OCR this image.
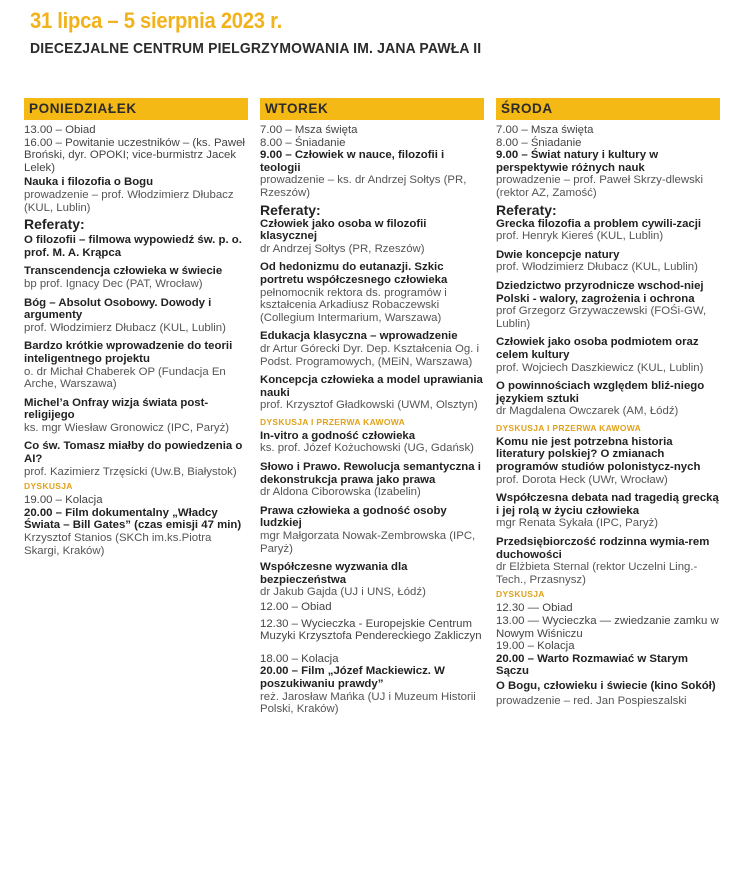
31 lipca – 5 sierpnia 2023 r.
DIECEZJALNE CENTRUM PIELGRZYMOWANIA IM. JANA PAWŁA II
PONIEDZIAŁEK

13.00 – Obiad

16.00 – Powitanie uczestników – (ks. Paweł Broński, dyr. OPOKI; vice-burmistrz Jacek Lelek)

Nauka i filozofia o Bogu

prowadzenie – prof. Włodzimierz Dłubacz (KUL, Lublin)

Referaty:

O filozofii – filmowa wypowiedź św. p. o. prof. M. A. Krąpca

Transcendencja człowieka w świecie

bp prof. Ignacy Dec (PAT, Wrocław)

Bóg – Absolut Osobowy. Dowody i argumenty

prof. Włodzimierz Dłubacz (KUL, Lublin)

Bardzo krótkie wprowadzenie do teorii inteligentnego projektu

o. dr Michał Chaberek OP (Fundacja En Arche, Warszawa)

Michel’a Onfray wizja świata post-religijego

ks. mgr Wiesław Gronowicz (IPC, Paryż)

Co św. Tomasz miałby do powiedzenia o AI?

prof. Kazimierz Trzęsicki (Uw.B, Białystok)

DYSKUSJA

19.00 – Kolacja

20.00 – Film dokumentalny „Władcy Świata – Bill Gates” (czas emisji 47 min)

Krzysztof Stanios (SKCh im.ks.Piotra Skargi, Kraków)

WTOREK

7.00 – Msza święta

8.00 – Śniadanie

9.00 – Człowiek w nauce, filozofii i teologii

prowadzenie – ks. dr Andrzej Sołtys (PR, Rzeszów)

Referaty:

Człowiek jako osoba w filozofii klasycznej

dr Andrzej Sołtys (PR, Rzeszów)

Od hedonizmu do eutanazji. Szkic portretu współczesnego człowieka

pełnomocnik rektora ds. programów i kształcenia Arkadiusz Robaczewski (Collegium Intermarium, Warszawa)

Edukacja klasyczna – wprowadzenie

dr Artur Górecki Dyr. Dep. Kształcenia Og. i Podst. Programowych, (MEiN, Warszawa)

Koncepcja człowieka a model uprawiania nauki

prof. Krzysztof Gładkowski (UWM, Olsztyn)

DYSKUSJA I PRZERWA KAWOWA

In-vitro a godność człowieka

ks. prof. Józef Kożuchowski (UG, Gdańsk)

Słowo i Prawo. Rewolucja semantyczna i dekonstrukcja prawa jako prawa

dr Aldona Ciborowska (Izabelin)

Prawa człowieka a godność osoby ludzkiej

mgr Małgorzata Nowak-Zembrowska (IPC, Paryż)

Współczesne wyzwania dla bezpieczeństwa

dr Jakub Gajda (UJ i UNS, Łódź)

12.00 – Obiad

12.30 – Wycieczka - Europejskie Centrum Muzyki Krzysztofa Pendereckiego Zakliczyn

18.00 – Kolacja

20.00 – Film „Józef Mackiewicz. W poszukiwaniu prawdy”

reż. Jarosław Mańka (UJ i Muzeum Historii Polski, Kraków)

ŚRODA

7.00 – Msza święta

8.00 – Śniadanie

9.00 – Świat natury i kultury w perspektywie różnych nauk

prowadzenie – prof. Paweł Skrzy-dlewski (rektor AZ, Zamość)

Referaty:

Grecka filozofia a problem cywili-zacji

prof. Henryk Kiereś (KUL, Lublin)

Dwie koncepcje natury

prof. Włodzimierz Dłubacz (KUL, Lublin)

Dziedzictwo przyrodnicze wschod-niej Polski - walory, zagrożenia i ochrona

prof Grzegorz Grzywaczewski (FOŚi-GW, Lublin)

Człowiek jako osoba podmiotem oraz celem kultury

prof. Wojciech Daszkiewicz (KUL, Lublin)

O powinnościach względem bliź-niego językiem sztuki

dr Magdalena Owczarek (AM, Łódź)

DYSKUSJA I PRZERWA KAWOWA

Komu nie jest potrzebna historia literatury polskiej? O zmianach programów studiów polonistycz-nych

prof. Dorota Heck (UWr, Wrocław)

Współczesna debata nad tragedią grecką i jej rolą w życiu człowieka

mgr Renata Sykała (IPC, Paryż)

Przedsiębiorczość rodzinna wymia-rem duchowości

dr Elżbieta Sternal (rektor Uczelni Ling.-Tech., Przasnysz)

DYSKUSJA

12.30 — Obiad

13.00 — Wycieczka — zwiedzanie zamku w Nowym Wiśniczu

19.00 – Kolacja

20.00 – Warto Rozmawiać w Starym Sączu

O Bogu, człowieku i świecie (kino Sokół)

prowadzenie – red. Jan Pospieszalski
